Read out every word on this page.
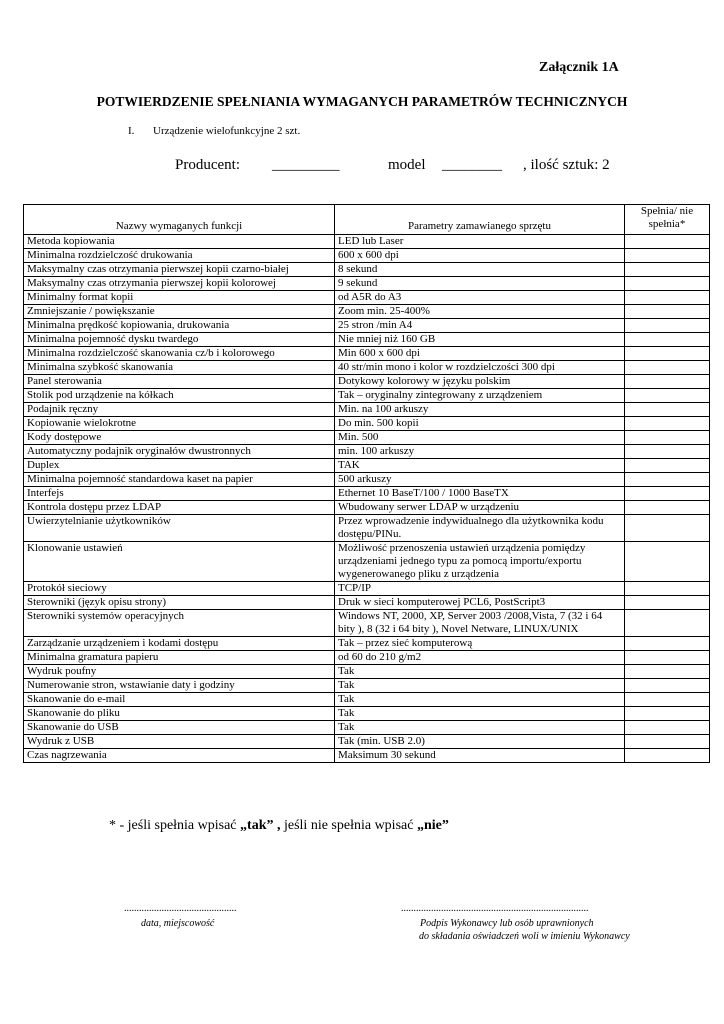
Załącznik 1A
POTWIERDZENIE SPEŁNIANIA WYMAGANYCH PARAMETRÓW TECHNICZNYCH
I. Urządzenie wielofunkcyjne 2 szt.
Producent: _________	model ________ , ilość sztuk: 2
Nazwy wymaganych funkcji	Parametry zamawianego sprzętu	Spełnia/ nie spełnia*
Metoda kopiowania	LED lub Laser	
Minimalna rozdzielczość drukowania	600 x 600 dpi	
Maksymalny czas otrzymania pierwszej kopii czarno-białej	8 sekund	
Maksymalny czas otrzymania pierwszej kopii kolorowej	9 sekund	
Minimalny format kopii	od A5R do A3	
Zmniejszanie / powiększanie	Zoom min. 25-400%	
Minimalna prędkość kopiowania, drukowania	25 stron /min A4	
Minimalna pojemność dysku twardego	Nie mniej niż 160 GB	
Minimalna rozdzielczość skanowania cz/b i kolorowego	Min 600 x 600 dpi	
Minimalna szybkość skanowania	40 str/min mono i kolor w rozdzielczości 300 dpi	
Panel sterowania	Dotykowy kolorowy w języku polskim	
Stolik pod urządzenie na kółkach	Tak – oryginalny zintegrowany z urządzeniem	
Podajnik ręczny	Min. na 100 arkuszy	
Kopiowanie wielokrotne	Do min. 500 kopii	
Kody dostępowe	Min. 500	
Automatyczny podajnik oryginałów dwustronnych	min. 100 arkuszy	
Duplex	TAK	
Minimalna pojemność standardowa kaset na papier	500 arkuszy	
Interfejs	Ethernet 10 BaseT/100 / 1000 BaseTX	
Kontrola dostępu przez LDAP	Wbudowany serwer LDAP w urządzeniu	
Uwierzytelnianie użytkowników	Przez wprowadzenie indywidualnego dla użytkownika kodu dostępu/PINu.	
Klonowanie ustawień	Możliwość przenoszenia ustawień urządzenia pomiędzy urządzeniami jednego typu za pomocą importu/exportu wygenerowanego pliku z urządzenia	
Protokół sieciowy	TCP/IP	
Sterowniki (język opisu strony)	Druk w sieci komputerowej PCL6, PostScript3	
Sterowniki systemów operacyjnych	Windows NT, 2000, XP, Server 2003 /2008,Vista, 7 (32 i 64 bity ), 8 (32 i 64 bity ), Novel Netware, LINUX/UNIX	
Zarządzanie urządzeniem i kodami dostępu	Tak – przez sieć komputerową	
Minimalna gramatura papieru	od 60 do 210 g/m2	
Wydruk poufny	Tak	
Numerowanie stron, wstawianie daty i godziny	Tak	
Skanowanie do e-mail	Tak	
Skanowanie do pliku	Tak	
Skanowanie do USB	Tak	
Wydruk z USB	Tak (min. USB 2.0)	
Czas nagrzewania	Maksimum 30 sekund	
* - jeśli spełnia wpisać „tak” , jeśli nie spełnia wpisać „nie”
.............................................
data, miejscowość
...........................................................................
Podpis Wykonawcy lub osób uprawnionych
do składania oświadczeń woli w imieniu Wykonawcy
